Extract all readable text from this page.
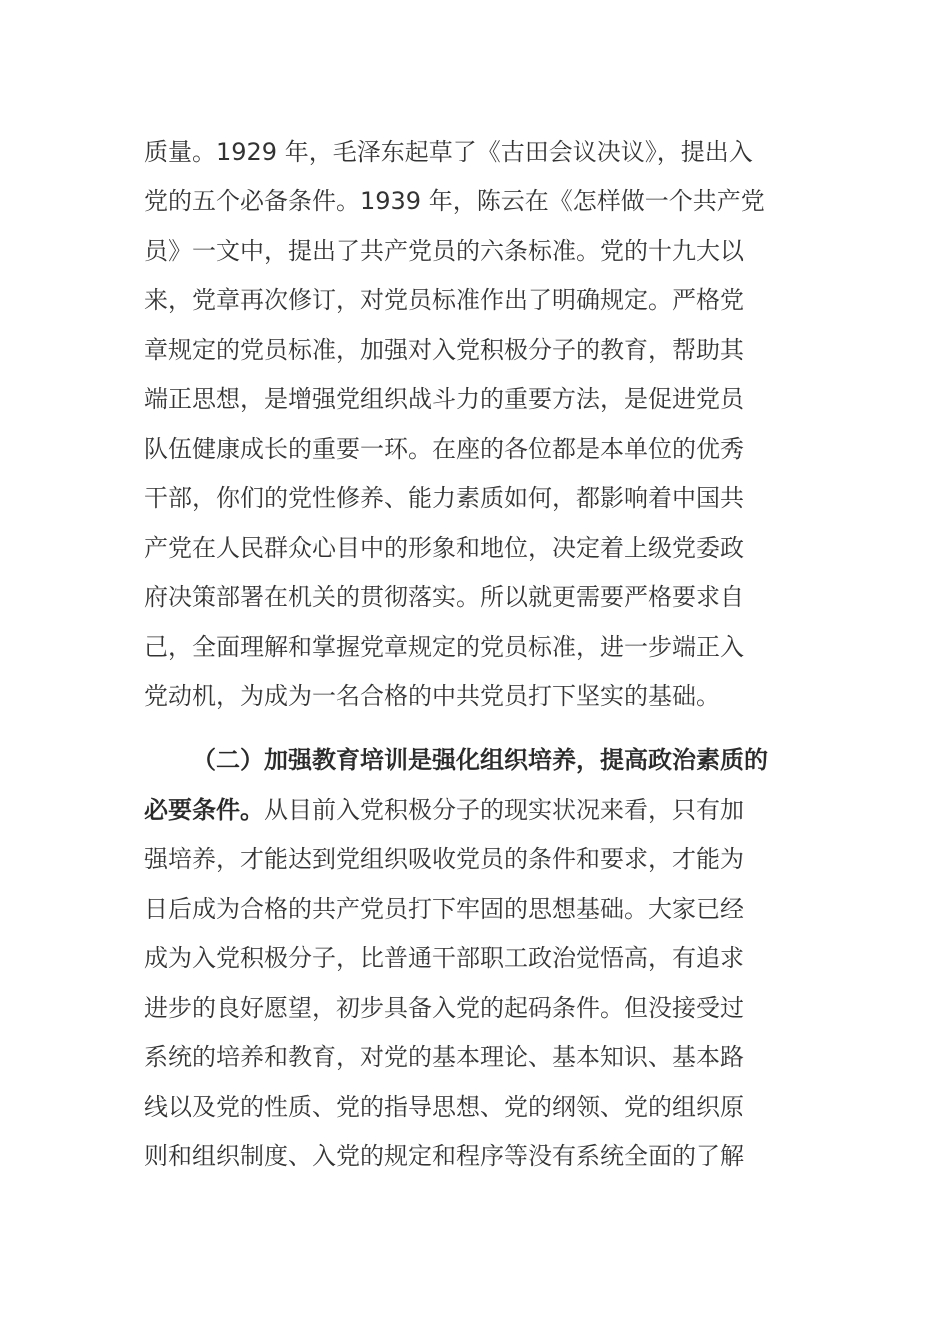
质量。1929 年，毛泽东起草了《古田会议决议》，提出入
党的五个必备条件。1939 年，陈云在《怎样做一个共产党
员》一文中，提出了共产党员的六条标准。党的十九大以
来，党章再次修订，对党员标准作出了明确规定。严格党
章规定的党员标准，加强对入党积极分子的教育，帮助其
端正思想，是增强党组织战斗力的重要方法，是促进党员
队伍健康成长的重要一环。在座的各位都是本单位的优秀
干部，你们的党性修养、能力素质如何，都影响着中国共
产党在人民群众心目中的形象和地位，决定着上级党委政
府决策部署在机关的贯彻落实。所以就更需要严格要求自
己，全面理解和掌握党章规定的党员标准，进一步端正入
党动机，为成为一名合格的中共党员打下坚实的基础。
（二）加强教育培训是强化组织培养，提高政治素质的
必要条件。从目前入党积极分子的现实状况来看，只有加
强培养，才能达到党组织吸收党员的条件和要求，才能为
日后成为合格的共产党员打下牢固的思想基础。大家已经
成为入党积极分子，比普通干部职工政治觉悟高，有追求
进步的良好愿望，初步具备入党的起码条件。但没接受过
系统的培养和教育，对党的基本理论、基本知识、基本路
线以及党的性质、党的指导思想、党的纲领、党的组织原
则和组织制度、入党的规定和程序等没有系统全面的了解
